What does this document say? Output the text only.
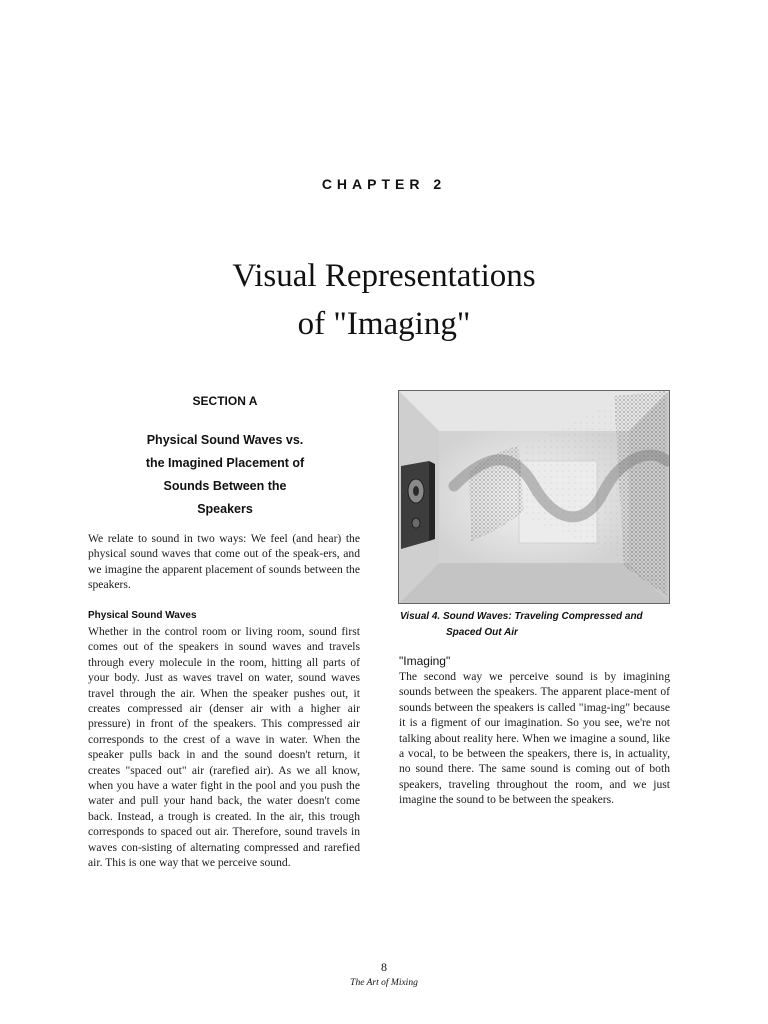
CHAPTER 2
Visual Representations
of "Imaging"
SECTION A
Physical Sound Waves vs.
the Imagined Placement of
Sounds Between the
Speakers
We relate to sound in two ways: We feel (and hear) the physical sound waves that come out of the speak-ers, and we imagine the apparent placement of sounds between the speakers.
Physical Sound Waves
Whether in the control room or living room, sound first comes out of the speakers in sound waves and travels through every molecule in the room, hitting all parts of your body. Just as waves travel on water, sound waves travel through the air. When the speaker pushes out, it creates compressed air (denser air with a higher air pressure) in front of the speakers. This compressed air corresponds to the crest of a wave in water. When the speaker pulls back in and the sound doesn't return, it creates "spaced out" air (rarefied air). As we all know, when you have a water fight in the pool and you push the water and pull your hand back, the water doesn't come back. Instead, a trough is created. In the air, this trough corresponds to spaced out air. Therefore, sound travels in waves con-sisting of alternating compressed and rarefied air. This is one way that we perceive sound.
Visual 4. Sound Waves: Traveling Compressed and
Spaced Out Air
"Imaging"
The second way we perceive sound is by imagining sounds between the speakers. The apparent place-ment of sounds between the speakers is called "imag-ing" because it is a figment of our imagination. So you see, we're not talking about reality here. When we imagine a sound, like a vocal, to be between the speakers, there is, in actuality, no sound there. The same sound is coming out of both speakers, traveling throughout the room, and we just imagine the sound to be between the speakers.
8
The Art of Mixing
